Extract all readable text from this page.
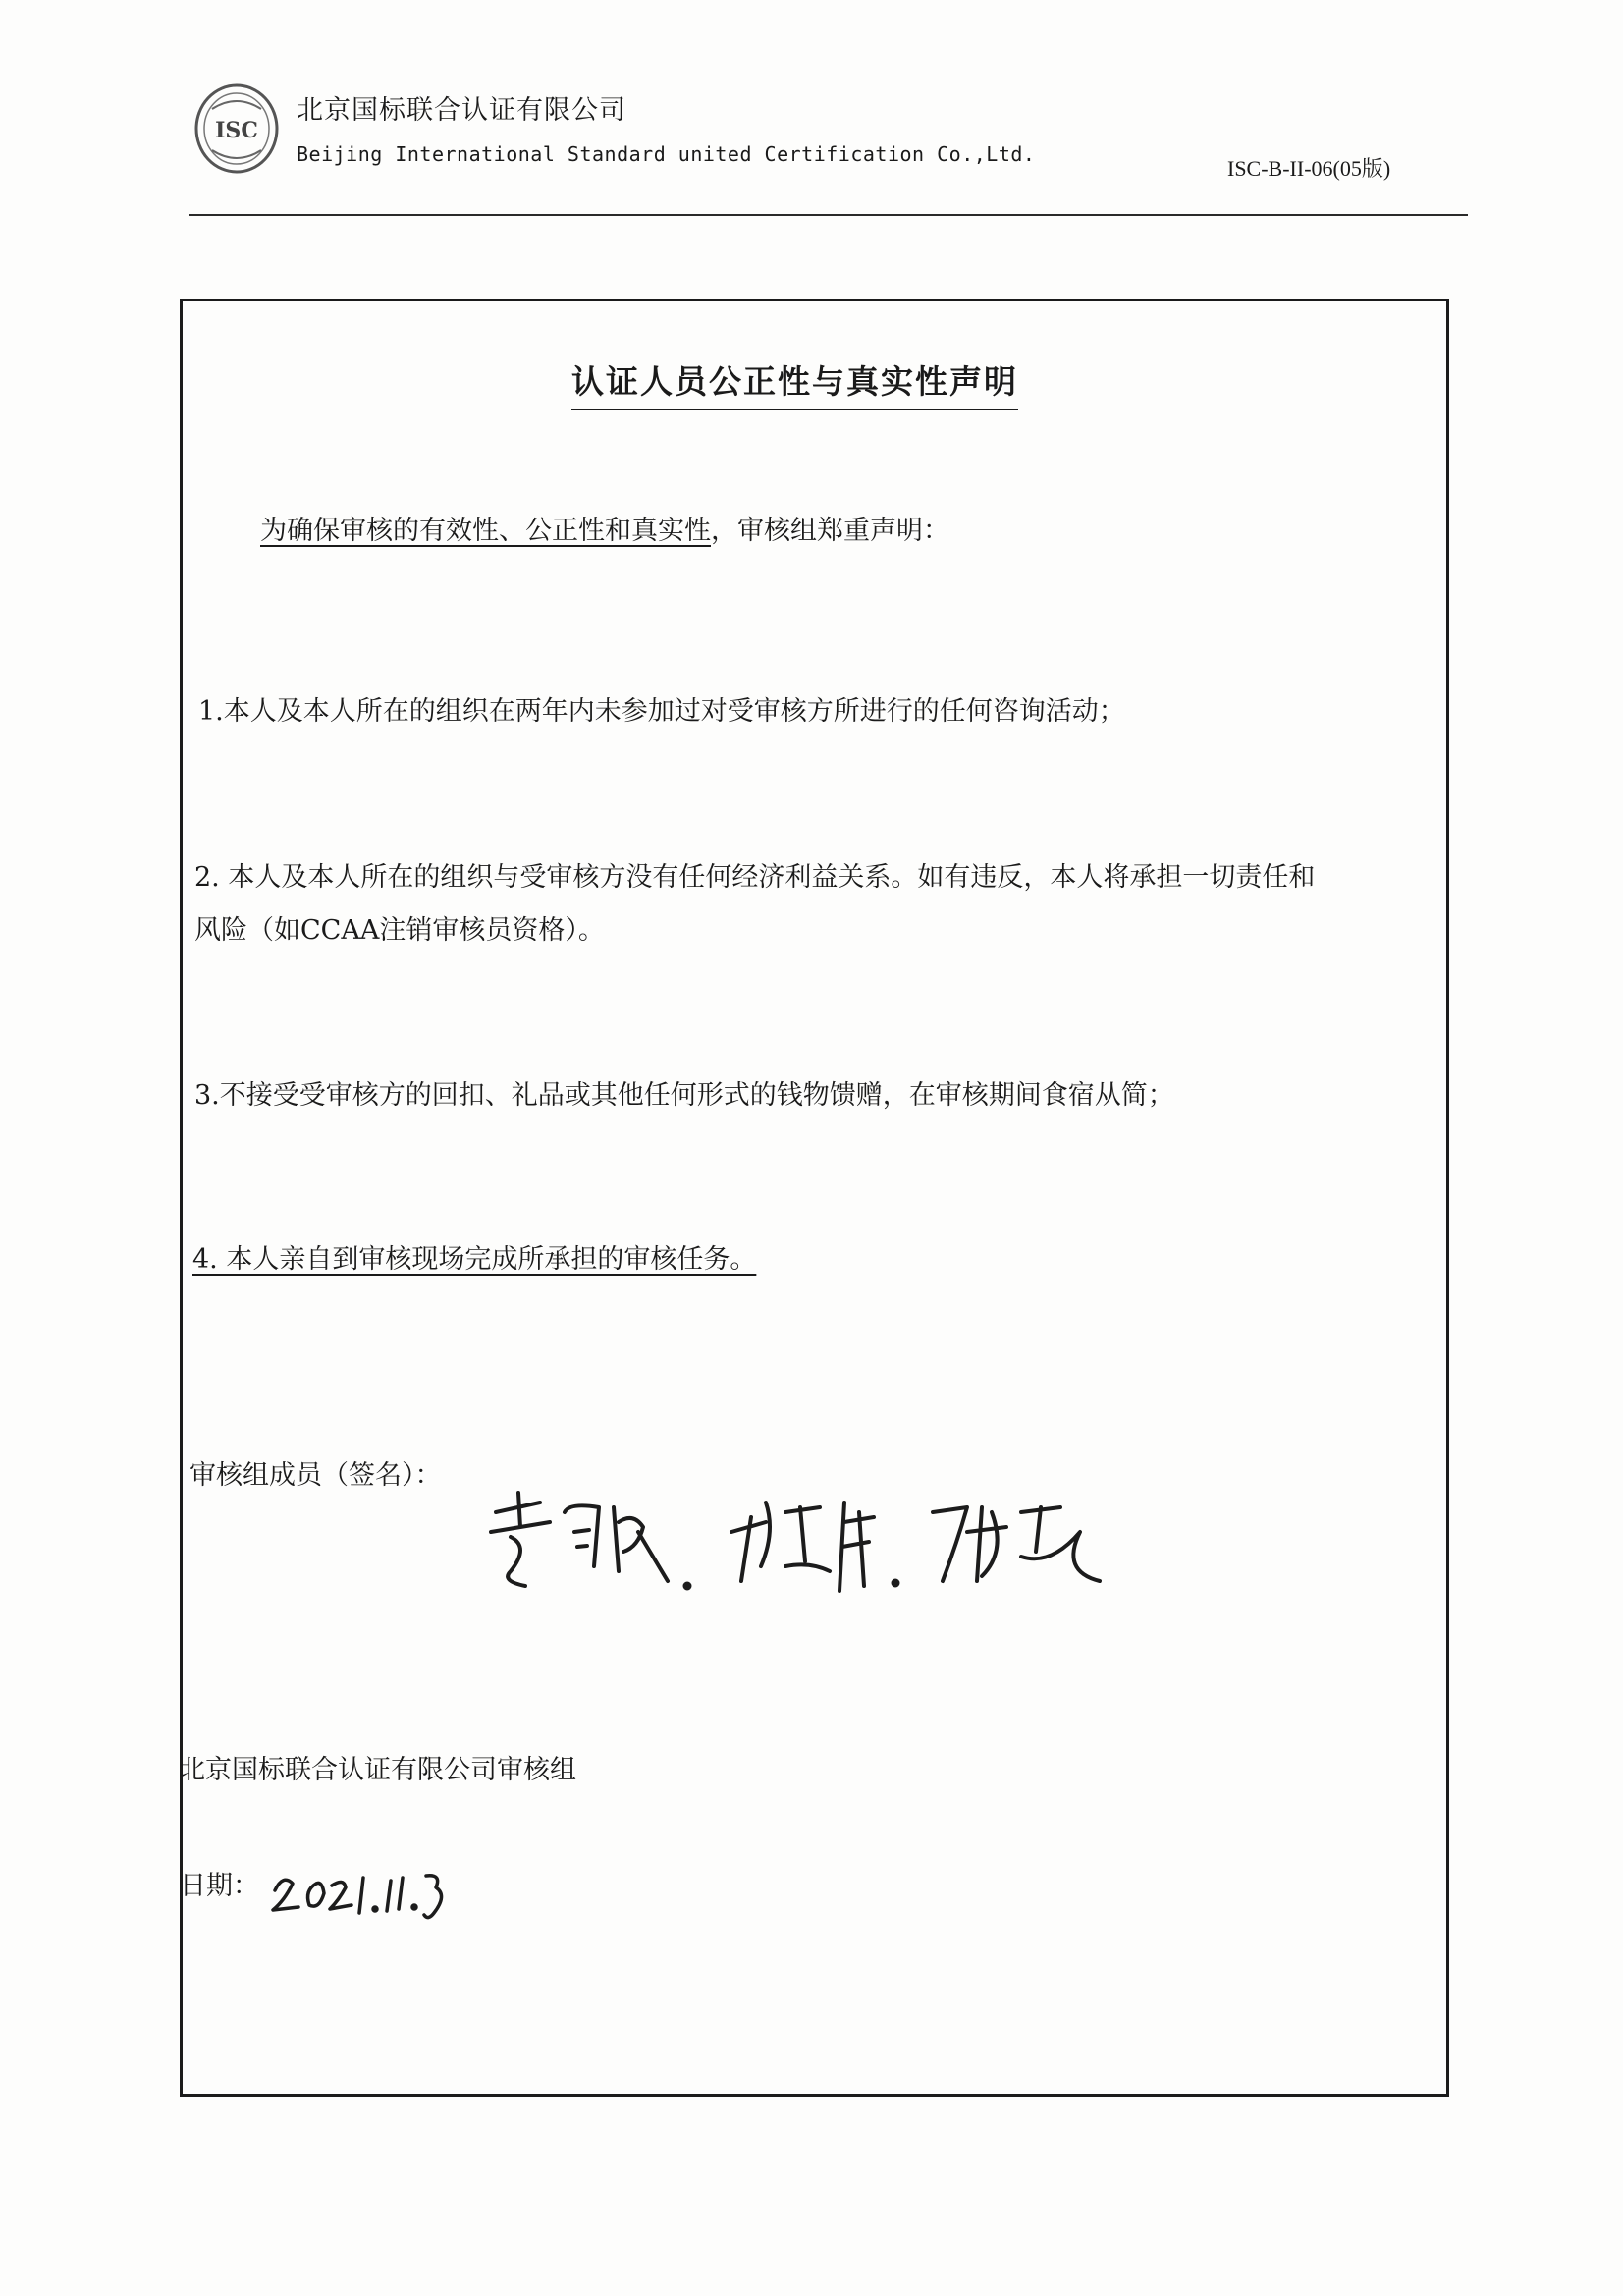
ISC
北京国标联合认证有限公司
Beijing International Standard united Certification Co.,Ltd.
ISC-B-II-06(05版)
认证人员公正性与真实性声明
为确保审核的有效性、公正性和真实性，审核组郑重声明：
1.本人及本人所在的组织在两年内未参加过对受审核方所进行的任何咨询活动；
2. 本人及本人所在的组织与受审核方没有任何经济利益关系。如有违反，本人将承担一切责任和
风险（如CCAA注销审核员资格）。
3.不接受受审核方的回扣、礼品或其他任何形式的钱物馈赠，在审核期间食宿从简；
4. 本人亲自到审核现场完成所承担的审核任务。
审核组成员（签名）：
北京国标联合认证有限公司审核组
日期：
